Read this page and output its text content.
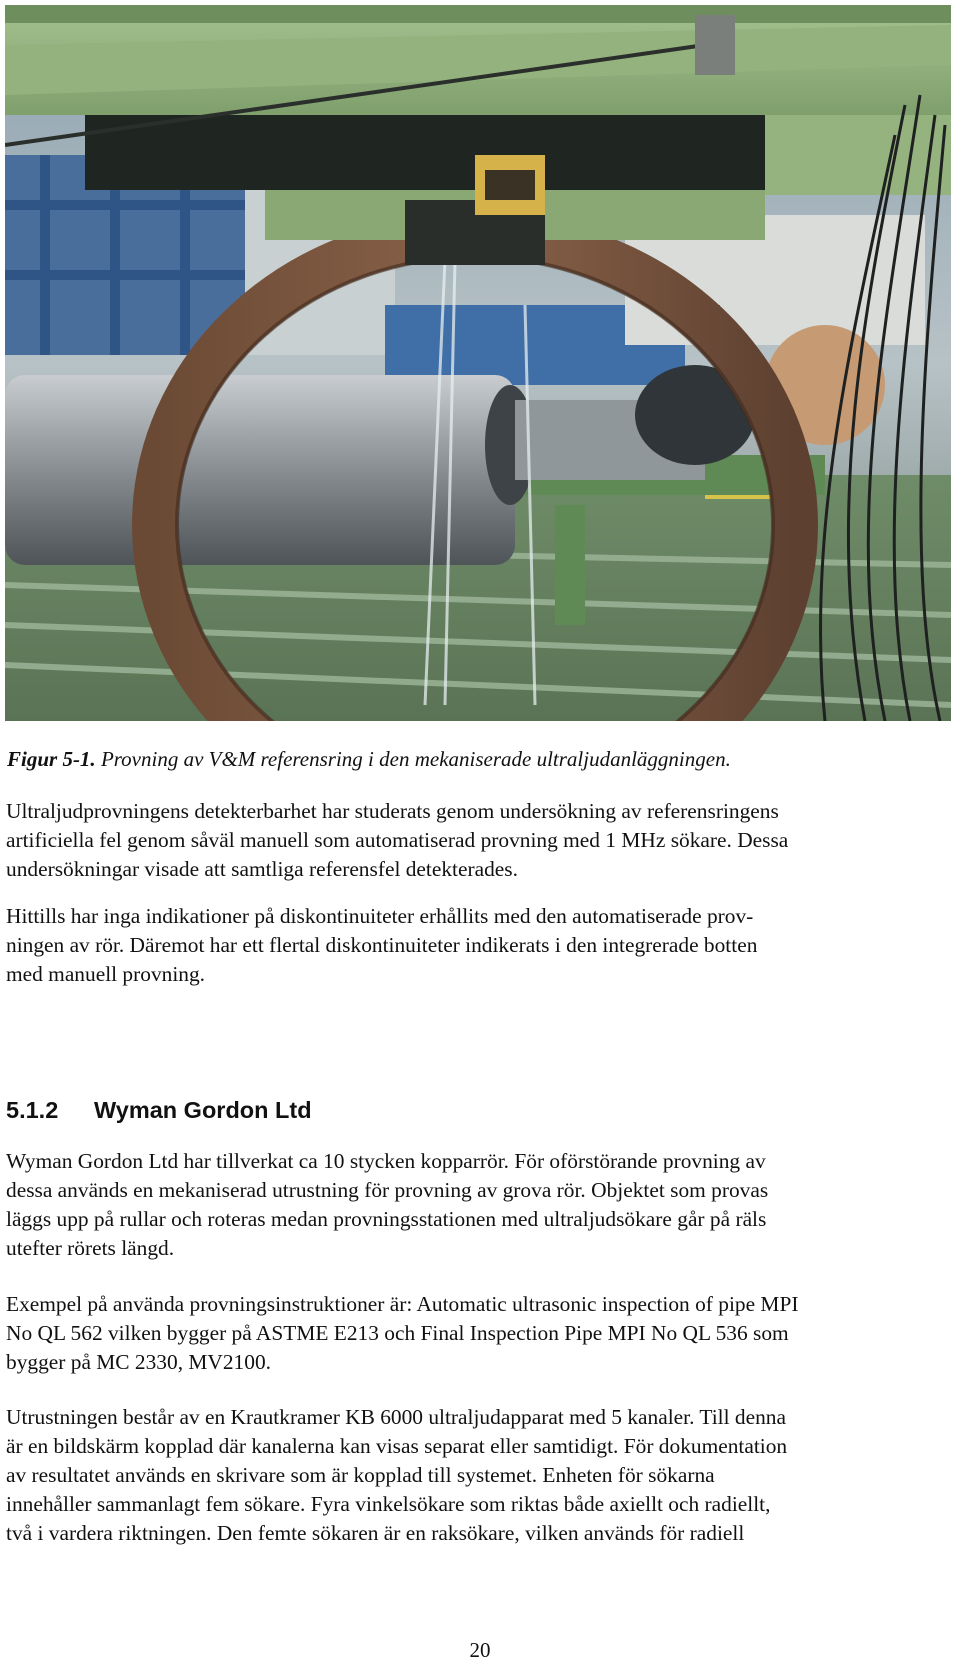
Figur 5-1. Provning av V&M referensring i den mekaniserade ultraljudanläggningen.
Ultraljudprovningens detekterbarhet har studerats genom undersökning av referensringens
artificiella fel genom såväl manuell som automatiserad provning med 1 MHz sökare. Dessa
undersökningar visade att samtliga referensfel detekterades.
Hittills har inga indikationer på diskontinuiteter erhållits med den automatiserade prov-
ningen av rör. Däremot har ett flertal diskontinuiteter indikerats i den integrerade botten
med manuell provning.
5.1.2 Wyman Gordon Ltd
Wyman Gordon Ltd har tillverkat ca 10 stycken kopparrör. För oförstörande provning av
dessa används en mekaniserad utrustning för provning av grova rör. Objektet som provas
läggs upp på rullar och roteras medan provningsstationen med ultraljudsökare går på räls
utefter rörets längd.
Exempel på använda provningsinstruktioner är: Automatic ultrasonic inspection of pipe MPI
No QL 562 vilken bygger på ASTME E213 och Final Inspection Pipe MPI No QL 536 som
bygger på MC 2330, MV2100.
Utrustningen består av en Krautkramer KB 6000 ultraljudapparat med 5 kanaler. Till denna
är en bildskärm kopplad där kanalerna kan visas separat eller samtidigt. För dokumentation
av resultatet används en skrivare som är kopplad till systemet. Enheten för sökarna
innehåller sammanlagt fem sökare. Fyra vinkelsökare som riktas både axiellt och radiellt,
två i vardera riktningen. Den femte sökaren är en raksökare, vilken används för radiell
20
